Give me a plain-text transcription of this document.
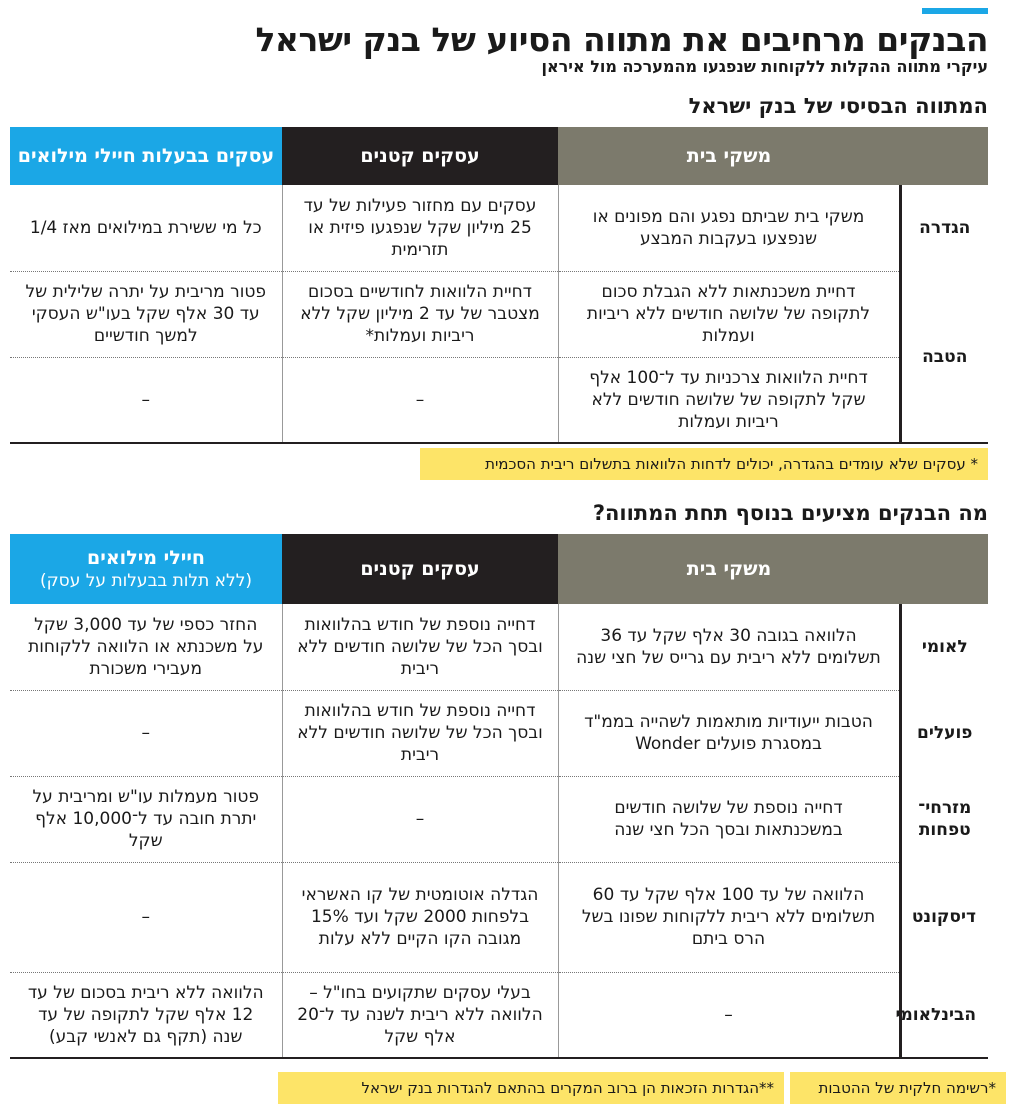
הבנקים מרחיבים את מתווה הסיוע של בנק ישראל
עיקרי מתווה ההקלות ללקוחות שנפגעו מהמערכה מול איראן
המתווה הבסיסי של בנק ישראל
	משקי בית	עסקים קטנים	עסקים בבעלות חיילי מילואים
הגדרה	משקי בית שביתם נפגע והם מפונים או שנפצעו בעקבות המבצע	עסקים עם מחזור פעילות של עד 25 מיליון שקל שנפגעו פיזית או תזרימית	כל מי ששירת במילואים מאז 1/4
הטבה	דחיית משכנתאות ללא הגבלת סכום לתקופה של שלושה חודשים ללא ריביות ועמלות	דחיית הלוואות לחודשיים בסכום מצטבר של עד 2 מיליון שקל ללא ריביות ועמלות*	פטור מריבית על יתרה שלילית של עד 30 אלף שקל בעו"ש העסקי למשך חודשיים
	דחיית הלוואות צרכניות עד ל־100 אלף שקל לתקופה של שלושה חודשים ללא ריביות ועמלות	–	–
* עסקים שלא עומדים בהגדרה, יכולים לדחות הלוואות בתשלום ריבית הסכמית
מה הבנקים מציעים בנוסף תחת המתווה?
	משקי בית	עסקים קטנים	חיילי מילואים
(ללא תלות בבעלות על עסק)

לאומי	הלוואה בגובה 30 אלף שקל עד 36 תשלומים ללא ריבית עם גרייס של חצי שנה	דחייה נוספת של חודש בהלוואות ובסך הכל של שלושה חודשים ללא ריבית	החזר כספי של עד 3,000 שקל על משכנתא או הלוואה ללקוחות מעבירי משכורת
פועלים	הטבות ייעודיות מותאמות לשהייה בממ"ד במסגרת פועלים Wonder	דחייה נוספת של חודש בהלוואות ובסך הכל של שלושה חודשים ללא ריבית	–
מזרחי־ טפחות	דחייה נוספת של שלושה חודשים במשכנתאות ובסך הכל חצי שנה	–	פטור מעמלות עו"ש ומריבית על יתרת חובה עד ל־10,000 אלף שקל
דיסקונט	הלוואה של עד 100 אלף שקל עד 60 תשלומים ללא ריבית ללקוחות שפונו בשל הרס ביתם	הגדלה אוטומטית של קו האשראי בלפחות 2000 שקל ועד 15% מגובה הקו הקיים ללא עלות	–
הבינלאומי	–	בעלי עסקים שתקועים בחו"ל – הלוואה ללא ריבית לשנה עד ל־20 אלף שקל	הלוואה ללא ריבית בסכום של עד 12 אלף שקל לתקופה של עד שנה (תקף גם לאנשי קבע)
*רשימה חלקית של ההטבות
**הגדרות הזכאות הן ברוב המקרים בהתאם להגדרות בנק ישראל
